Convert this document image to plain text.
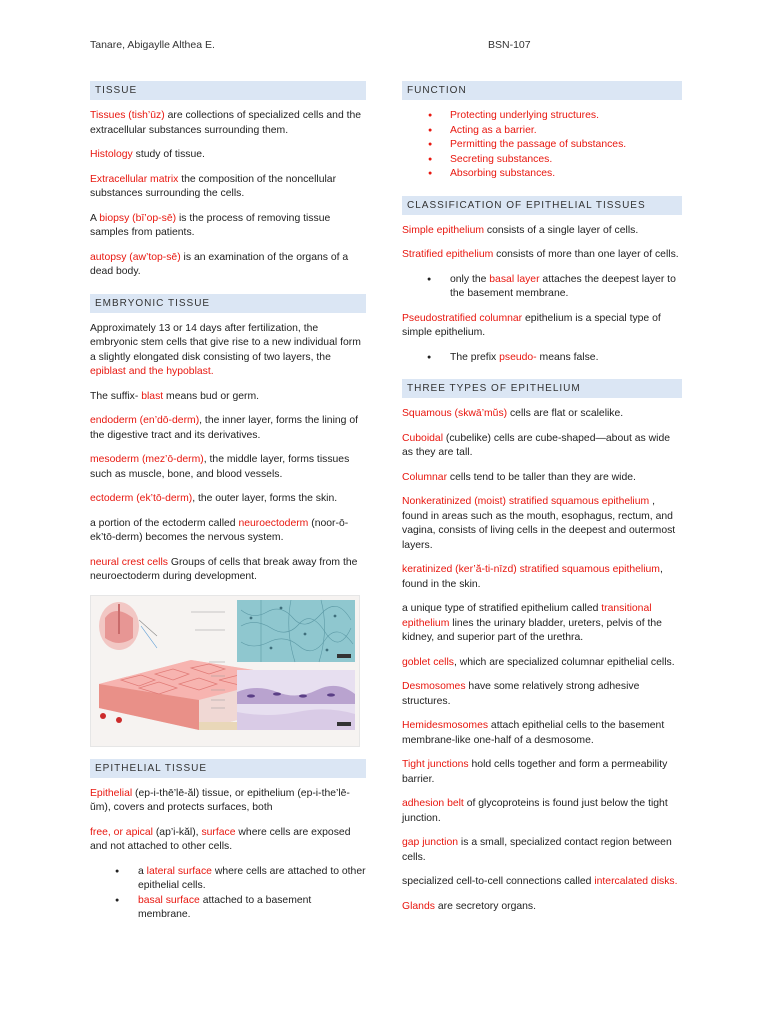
Tanare, Abigaylle Althea E.	BSN-107
TISSUE

Tissues (tish’ūz) are collections of specialized cells and the extracellular substances surrounding them.

Histology study of tissue.

Extracellular matrix the composition of the noncellular substances surrounding the cells.

A biopsy (bī’op-sē) is the process of removing tissue samples from patients.

autopsy (aw’top-sē) is an examination of the organs of a dead body.

EMBRYONIC TISSUE

Approximately 13 or 14 days after fertilization, the embryonic stem cells that give rise to a new individual form a slightly elongated disk consisting of two layers, the epiblast and the hypoblast.

The suffix- blast means bud or germ.

endoderm (en’dō-derm), the inner layer, forms the lining of the digestive tract and its derivatives.

mesoderm (mez’ō-derm), the middle layer, forms tissues such as muscle, bone, and blood vessels.

ectoderm (ek’tō-derm), the outer layer, forms the skin.

a portion of the ectoderm called neuroectoderm (noor-ō-ek’tō-derm) becomes the nervous system.

neural crest cells Groups of cells that break away from the neuroectoderm during development.

EPITHELIAL TISSUE

Epithelial (ep-i-thē’lē-ăl) tissue, or epithelium (ep-i-the’lē-ŭm), covers and protects surfaces, both

free, or apical (ap’i-kăl), surface where cells are exposed and not attached to other cells.

● a lateral surface where cells are attached to other epithelial cells.
● basal surface attached to a basement membrane.
FUNCTION
● Protecting underlying structures.
● Acting as a barrier.
● Permitting the passage of substances.
● Secreting substances.
● Absorbing substances.
CLASSIFICATION OF EPITHELIAL TISSUES

Simple epithelium consists of a single layer of cells.

Stratified epithelium consists of more than one layer of cells.

● only the basal layer attaches the deepest layer to the basement membrane.

Pseudostratified columnar epithelium is a special type of simple epithelium.

● The prefix pseudo- means false.
THREE TYPES OF EPITHELIUM

Squamous (skwā’mŭs) cells are flat or scalelike.

Cuboidal (cubelike) cells are cube-shaped—about as wide as they are tall.

Columnar cells tend to be taller than they are wide.

Nonkeratinized (moist) stratified squamous epithelium , found in areas such as the mouth, esophagus, rectum, and vagina, consists of living cells in the deepest and outermost layers.

keratinized (ker’ă-ti-nīzd) stratified squamous epithelium, found in the skin.

a unique type of stratified epithelium called transitional epithelium lines the urinary bladder, ureters, pelvis of the kidney, and superior part of the urethra.

goblet cells, which are specialized columnar epithelial cells.

Desmosomes have some relatively strong adhesive structures.

Hemidesmosomes attach epithelial cells to the basement membrane-like one-half of a desmosome.

Tight junctions hold cells together and form a permeability barrier.

adhesion belt of glycoproteins is found just below the tight junction.

gap junction is a small, specialized contact region between cells.

specialized cell-to-cell connections called intercalated disks.

Glands are secretory organs.
